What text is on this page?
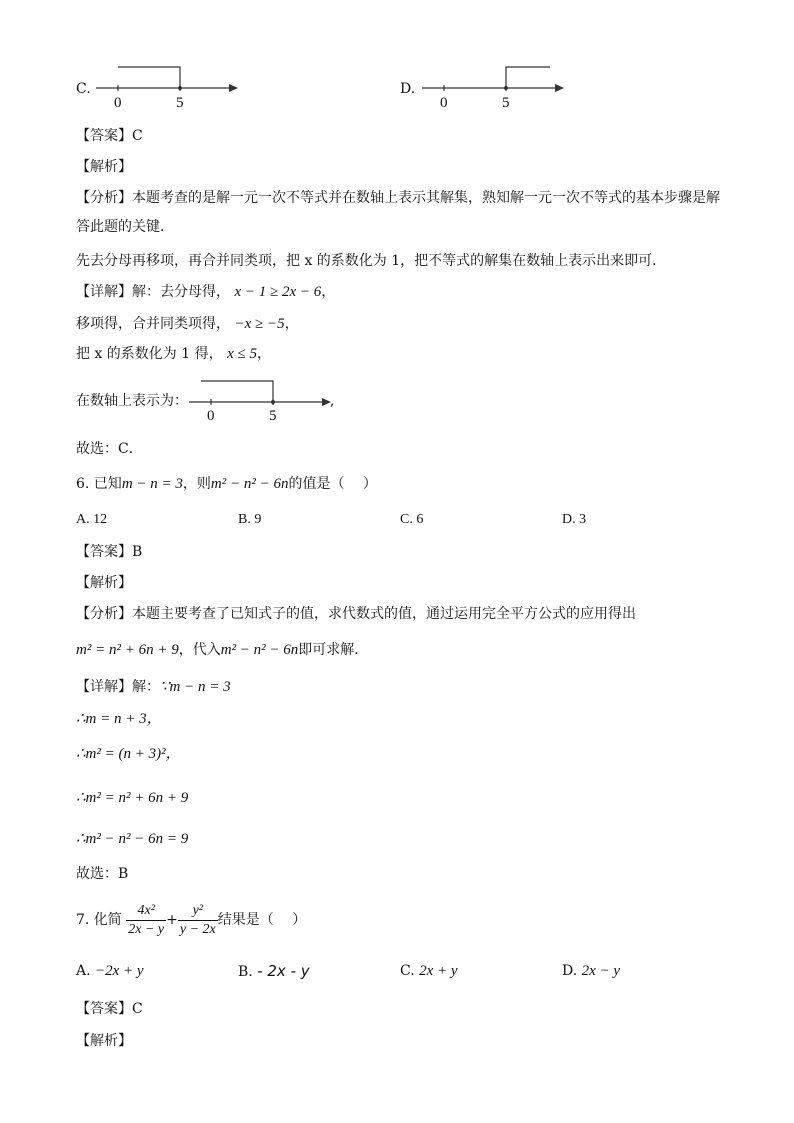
C.
0	5
D.
0	5
【答案】C
【解析】
【分析】本题考查的是解一元一次不等式并在数轴上表示其解集，熟知解一元一次不等式的基本步骤是解
答此题的关键．
先去分母再移项，再合并同类项，把 x 的系数化为 1，把不等式的解集在数轴上表示出来即可．
【详解】解：去分母得， x − 1 ≥ 2x − 6，
移项得，合并同类项得， −x ≥ −5，
把 x 的系数化为 1 得， x ≤ 5，
在数轴上表示为：
0	5
,
故选：C．
6. 已知m − n = 3，则m² − n² − 6n的值是（　 ）
A. 12	B. 9	C. 6	D. 3
【答案】B
【解析】
【分析】本题主要考查了已知式子的值，求代数式的值，通过运用完全平方公式的应用得出
m² = n² + 6n + 9，代入m² − n² − 6n即可求解．
【详解】解：∵m − n = 3
∴m = n + 3，
∴m² = (n + 3)²，
∴m² = n² + 6n + 9
∴m² − n² − 6n = 9
故选：B
7. 化简 $\frac{\text{4x²}}{2x - y} + \frac{\text{y²}}{y - 2x}$ 结果是（　 ）
A. −2x + y	B. - 2x - y	C. 2x + y	D. 2x − y
【答案】C
【解析】
